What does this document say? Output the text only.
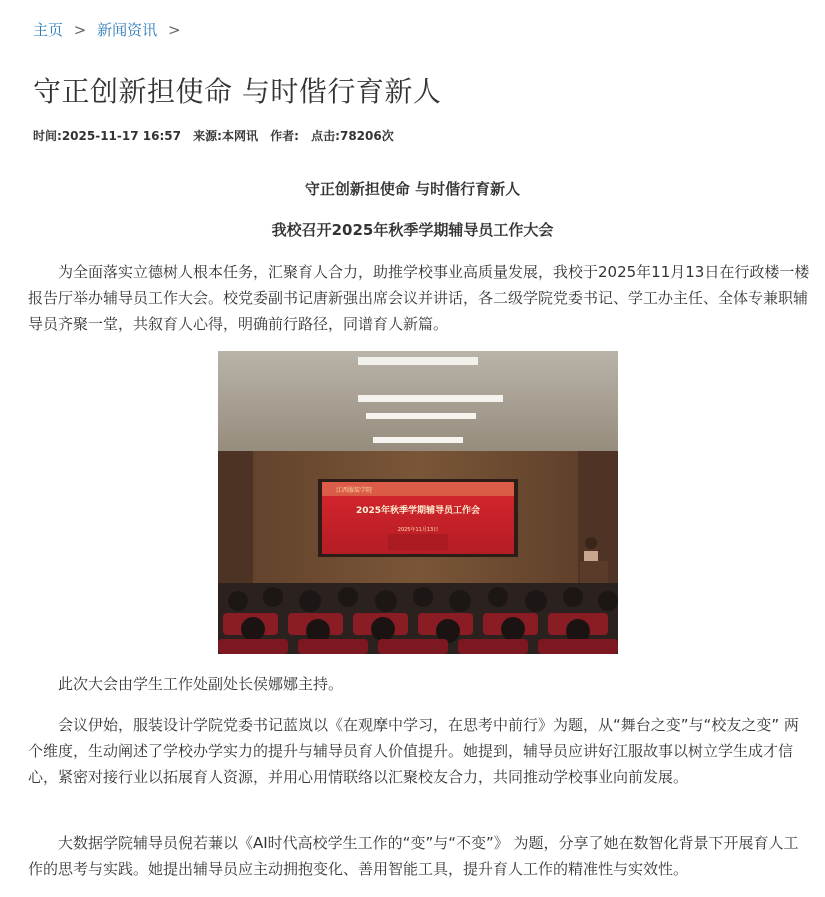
主页 > 新闻资讯 >
守正创新担使命 与时偕行育新人
时间:2025-11-17 16:57 来源:本网讯 作者: 点击:78206次
守正创新担使命 与时偕行育新人
我校召开2025年秋季学期辅导员工作大会

为全面落实立德树人根本任务，汇聚育人合力，助推学校事业高质量发展，我校于2025年11月13日在行政楼一楼报告厅举办辅导员工作大会。校党委副书记唐新强出席会议并讲话，各二级学院党委书记、学工办主任、全体专兼职辅导员齐聚一堂，共叙育人心得，明确前行路径，同谱育人新篇。

江西服装学院
2025年秋季学期辅导员工作会
2025年11月13日

此次大会由学生工作处副处长侯娜娜主持。

会议伊始，服装设计学院党委书记蓝岚以《在观摩中学习，在思考中前行》为题，从“舞台之变”与“校友之变” 两个维度，生动阐述了学校办学实力的提升与辅导员育人价值提升。她提到，辅导员应讲好江服故事以树立学生成才信心，紧密对接行业以拓展育人资源，并用心用情联络以汇聚校友合力，共同推动学校事业向前发展。

大数据学院辅导员倪若蒹以《AI时代高校学生工作的“变”与“不变”》 为题，分享了她在数智化背景下开展育人工作的思考与实践。她提出辅导员应主动拥抱变化、善用智能工具，提升育人工作的精准性与实效性。
